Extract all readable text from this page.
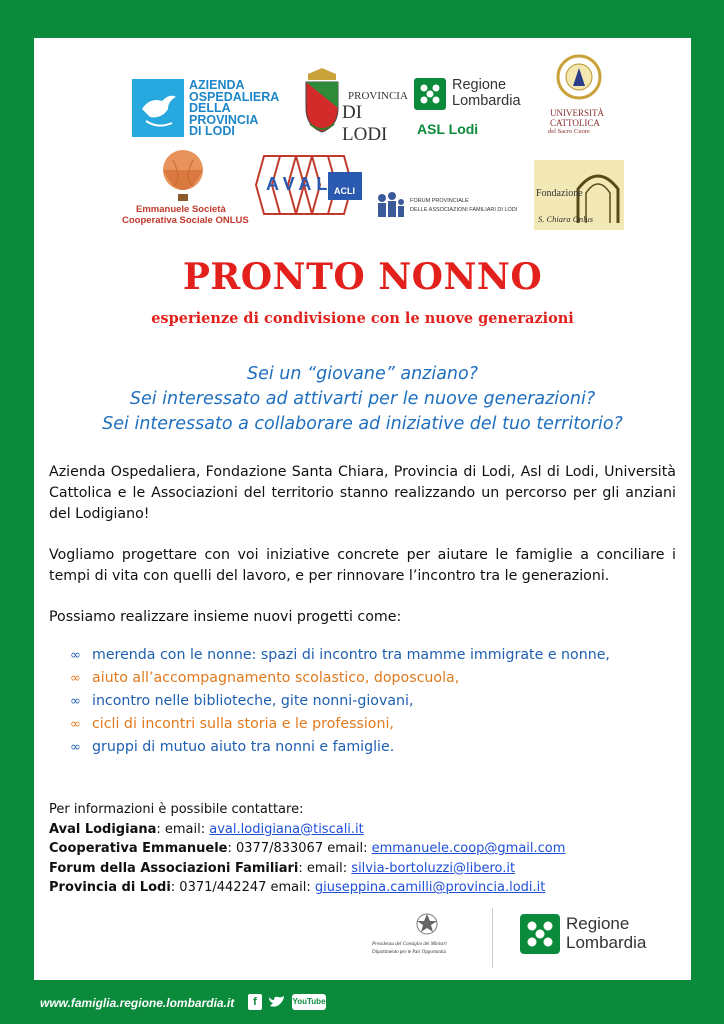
AZIENDA
OSPEDALIERA
DELLA
PROVINCIA
DI LODI
PROVINCIA
DI LODI
Regione
Lombardia
ASL Lodi
UNIVERSITÀ
CATTOLICA
del Sacro Cuore
Emmanuele Società
Cooperativa Sociale ONLUS
AVAL ACLI
FORUM PROVINCIALE
DELLE ASSOCIAZIONI FAMILIARI DI LODI
Fondazione
S. Chiara Onlus
PRONTO NONNO
esperienze di condivisione con le nuove generazioni
Sei un “giovane” anziano?
Sei interessato ad attivarti per le nuove generazioni?
Sei interessato a collaborare ad iniziative del tuo territorio?
Azienda Ospedaliera, Fondazione Santa Chiara, Provincia di Lodi, Asl di Lodi, Università Cattolica e le Associazioni del territorio stanno realizzando un percorso per gli anziani del Lodigiano!
Vogliamo progettare con voi iniziative concrete per aiutare le famiglie a conciliare i tempi di vita con quelli del lavoro, e per rinnovare l’incontro tra le generazioni.
Possiamo realizzare insieme nuovi progetti come:
∞ merenda con le nonne: spazi di incontro tra mamme immigrate e nonne,
∞ aiuto all’accompagnamento scolastico, doposcuola,
∞ incontro nelle biblioteche, gite nonni-giovani,
∞ cicli di incontri sulla storia e le professioni,
∞ gruppi di mutuo aiuto tra nonni e famiglie.
Per informazioni è possibile contattare:
Aval Lodigiana: email: aval.lodigiana@tiscali.it
Cooperativa Emmanuele: 0377/833067 email: emmanuele.coop@gmail.com
Forum della Associazioni Familiari: email: silvia-bortoluzzi@libero.it
Provincia di Lodi: 0371/442247 email: giuseppina.camilli@provincia.lodi.it
Presidenza del Consiglio dei Ministri
Dipartimento per le Pari Opportunità
Regione
Lombardia
www.famiglia.regione.lombardia.it	f	YouTube
